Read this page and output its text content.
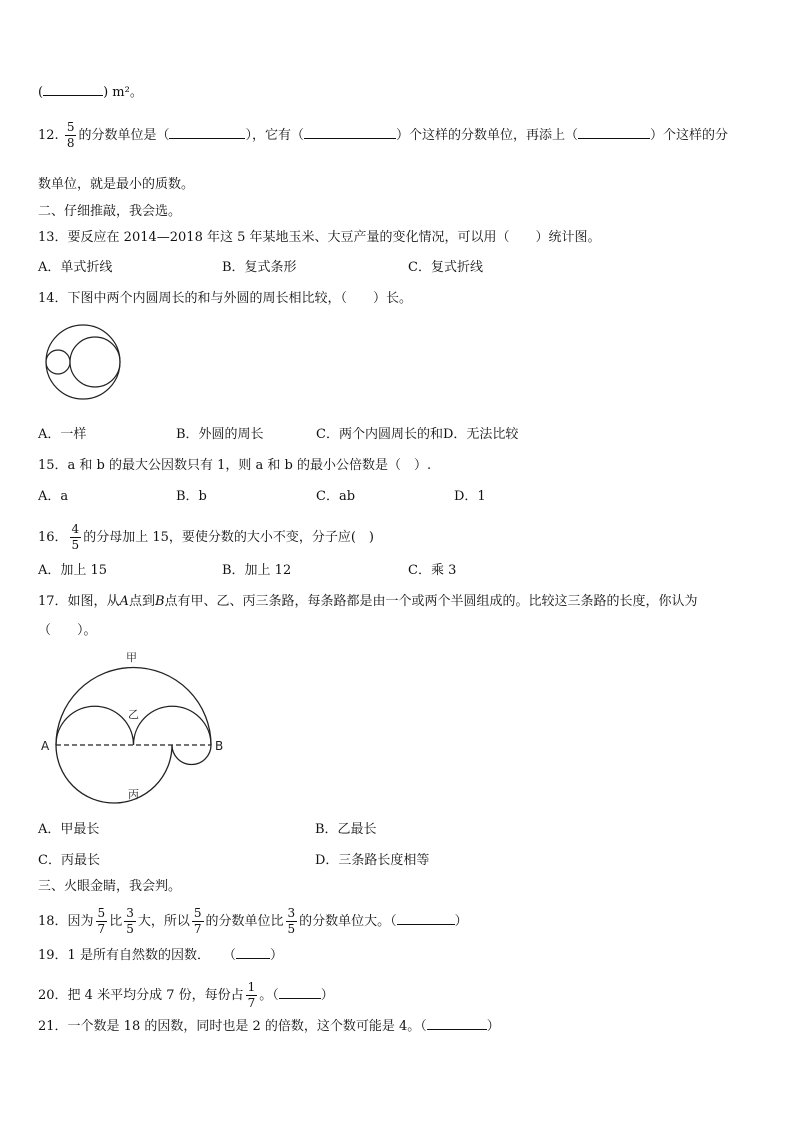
(	) m²。
12. $\frac{5}{8}$ 的分数单位是（	），它有（	）个这样的分数单位，再添上（	）个这样的分
数单位，就是最小的质数。
二、仔细推敲，我会选。
13．要反应在 2014—2018 年这 5 年某地玉米、大豆产量的变化情况，可以用（　　）统计图。
A．单式折线	B．复式条形	C．复式折线
14．下图中两个内圆周长的和与外圆的周长相比较，（　　）长。
A．一样	B．外圆的周长	C．两个内圆周长的和D．无法比较
15．a 和 b 的最大公因数只有 1，则 a 和 b 的最小公倍数是（　）.
A．a	B．b	C．ab	D．1
16． $\frac{4}{5}$ 的分母加上 15，要使分数的大小不变，分子应(　)
A．加上 15	B．加上 12	C．乘 3
17．如图，从A点到B点有甲、乙、丙三条路，每条路都是由一个或两个半圆组成的。比较这三条路的长度，你认为
（　　）。
甲
乙
丙
A	B
A．甲最长	B．乙最长
C．丙最长	D．三条路长度相等
三、火眼金睛，我会判。
18．因为 $\frac{5}{7}$ 比 $\frac{3}{5}$ 大，所以 $\frac{5}{7}$ 的分数单位比 $\frac{3}{5}$ 的分数单位大。（	）
19．1 是所有自然数的因数．　　（	）
20．把 4 米平均分成 7 份，每份占 $\frac{1}{7}$ 。（	）
21．一个数是 18 的因数，同时也是 2 的倍数，这个数可能是 4。（	）
